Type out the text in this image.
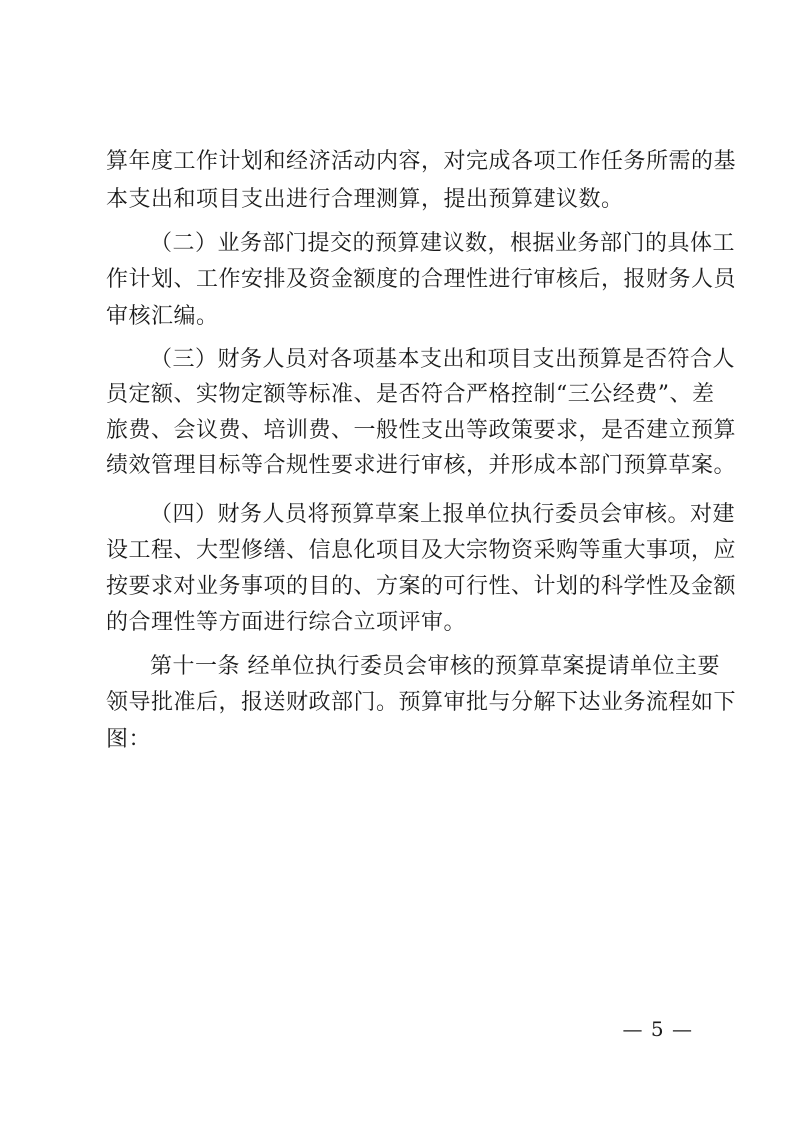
算年度工作计划和经济活动内容，对完成各项工作任务所需的基
本支出和项目支出进行合理测算，提出预算建议数。
（二）业务部门提交的预算建议数，根据业务部门的具体工
作计划、工作安排及资金额度的合理性进行审核后，报财务人员
审核汇编。
（三）财务人员对各项基本支出和项目支出预算是否符合人
员定额、实物定额等标准、是否符合严格控制“三公经费”、差
旅费、会议费、培训费、一般性支出等政策要求，是否建立预算
绩效管理目标等合规性要求进行审核，并形成本部门预算草案。
（四）财务人员将预算草案上报单位执行委员会审核。对建
设工程、大型修缮、信息化项目及大宗物资采购等重大事项，应
按要求对业务事项的目的、方案的可行性、计划的科学性及金额
的合理性等方面进行综合立项评审。
第十一条 经单位执行委员会审核的预算草案提请单位主要
领导批准后，报送财政部门。预算审批与分解下达业务流程如下
图：
— 5 —
